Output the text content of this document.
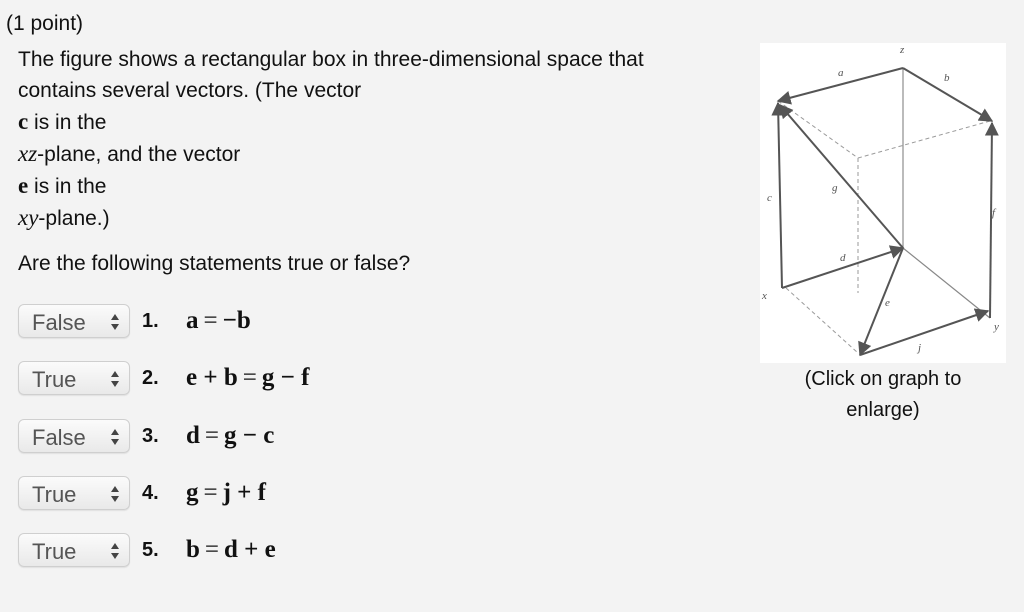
(1 point)
The figure shows a rectangular box in three-dimensional space that
contains several vectors. (The vector
c is in the
xz-plane, and the vector
e is in the
xy-plane.)
Are the following statements true or false?
False	1.	a = −b
True	2.	e + b = g − f
False	3.	d = g − c
True	4.	g = j + f
True	5.	b = d + e
z
x
y
a⃗	b⃗
c⃗
d⃗
e⃗
f⃗
g⃗
j⃗
(Click on graph to enlarge)
